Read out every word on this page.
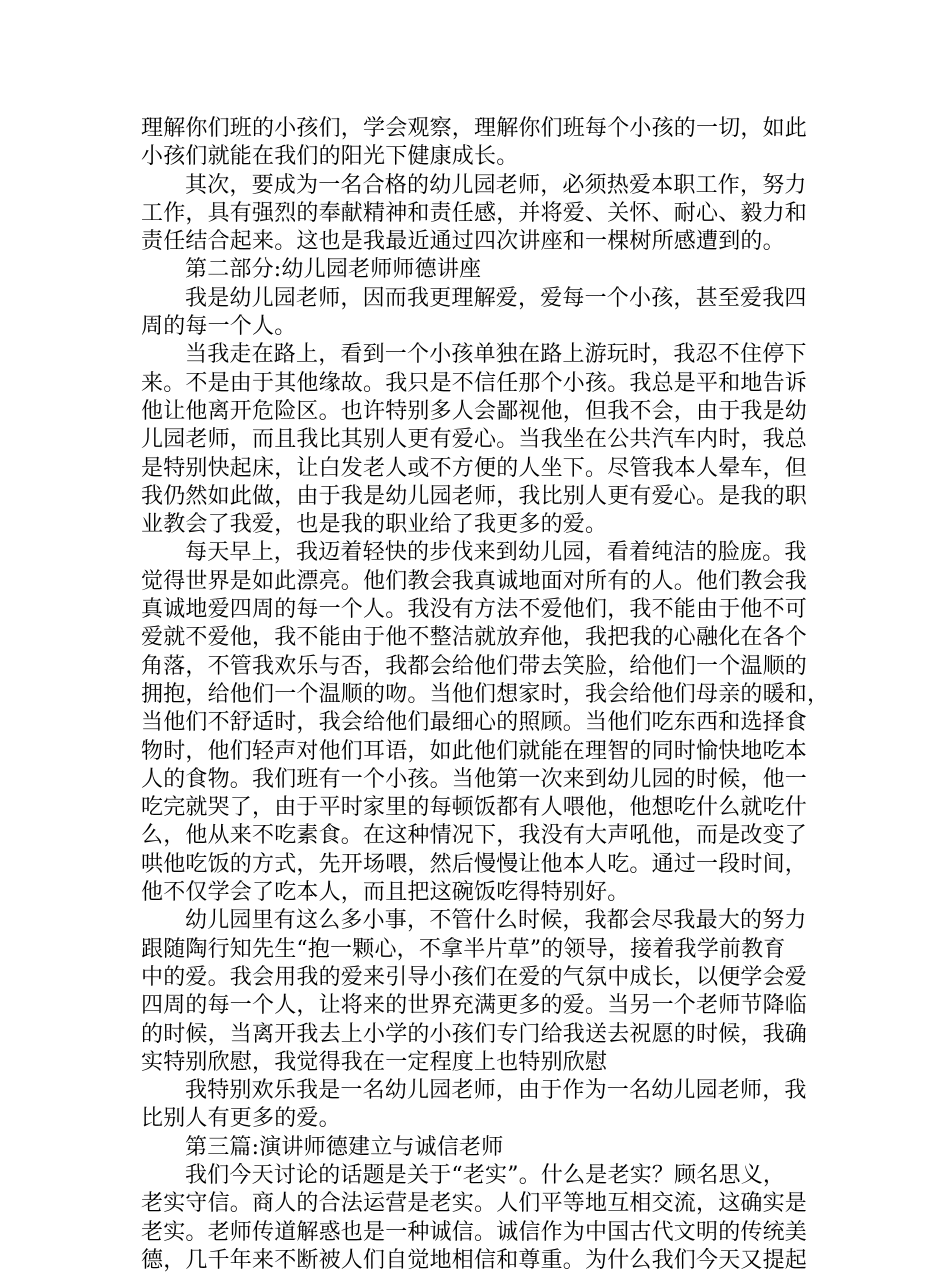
理解你们班的小孩们，学会观察，理解你们班每个小孩的一切，如此
小孩们就能在我们的阳光下健康成长。
其次，要成为一名合格的幼儿园老师，必须热爱本职工作，努力
工作，具有强烈的奉献精神和责任感，并将爱、关怀、耐心、毅力和
责任结合起来。这也是我最近通过四次讲座和一棵树所感遭到的。
第二部分:幼儿园老师师德讲座
我是幼儿园老师，因而我更理解爱，爱每一个小孩，甚至爱我四
周的每一个人。
当我走在路上，看到一个小孩单独在路上游玩时，我忍不住停下
来。不是由于其他缘故。我只是不信任那个小孩。我总是平和地告诉
他让他离开危险区。也许特别多人会鄙视他，但我不会，由于我是幼
儿园老师，而且我比其别人更有爱心。当我坐在公共汽车内时，我总
是特别快起床，让白发老人或不方便的人坐下。尽管我本人晕车，但
我仍然如此做，由于我是幼儿园老师，我比别人更有爱心。是我的职
业教会了我爱，也是我的职业给了我更多的爱。
每天早上，我迈着轻快的步伐来到幼儿园，看着纯洁的脸庞。我
觉得世界是如此漂亮。他们教会我真诚地面对所有的人。他们教会我
真诚地爱四周的每一个人。我没有方法不爱他们，我不能由于他不可
爱就不爱他，我不能由于他不整洁就放弃他，我把我的心融化在各个
角落，不管我欢乐与否，我都会给他们带去笑脸，给他们一个温顺的
拥抱，给他们一个温顺的吻。当他们想家时，我会给他们母亲的暖和，
当他们不舒适时，我会给他们最细心的照顾。当他们吃东西和选择食
物时，他们轻声对他们耳语，如此他们就能在理智的同时愉快地吃本
人的食物。我们班有一个小孩。当他第一次来到幼儿园的时候，他一
吃完就哭了，由于平时家里的每顿饭都有人喂他，他想吃什么就吃什
么，他从来不吃素食。在这种情况下，我没有大声吼他，而是改变了
哄他吃饭的方式，先开场喂，然后慢慢让他本人吃。通过一段时间，
他不仅学会了吃本人，而且把这碗饭吃得特别好。
幼儿园里有这么多小事，不管什么时候，我都会尽我最大的努力
跟随陶行知先生“抱一颗心，不拿半片草”的领导，接着我学前教育
中的爱。我会用我的爱来引导小孩们在爱的气氛中成长，以便学会爱
四周的每一个人，让将来的世界充满更多的爱。当另一个老师节降临
的时候，当离开我去上小学的小孩们专门给我送去祝愿的时候，我确
实特别欣慰，我觉得我在一定程度上也特别欣慰
我特别欢乐我是一名幼儿园老师，由于作为一名幼儿园老师，我
比别人有更多的爱。
第三篇:演讲师德建立与诚信老师
我们今天讨论的话题是关于“老实”。什么是老实？顾名思义，
老实守信。商人的合法运营是老实。人们平等地互相交流，这确实是
老实。老师传道解惑也是一种诚信。诚信作为中国古代文明的传统美
德，几千年来不断被人们自觉地相信和尊重。为什么我们今天又提起
